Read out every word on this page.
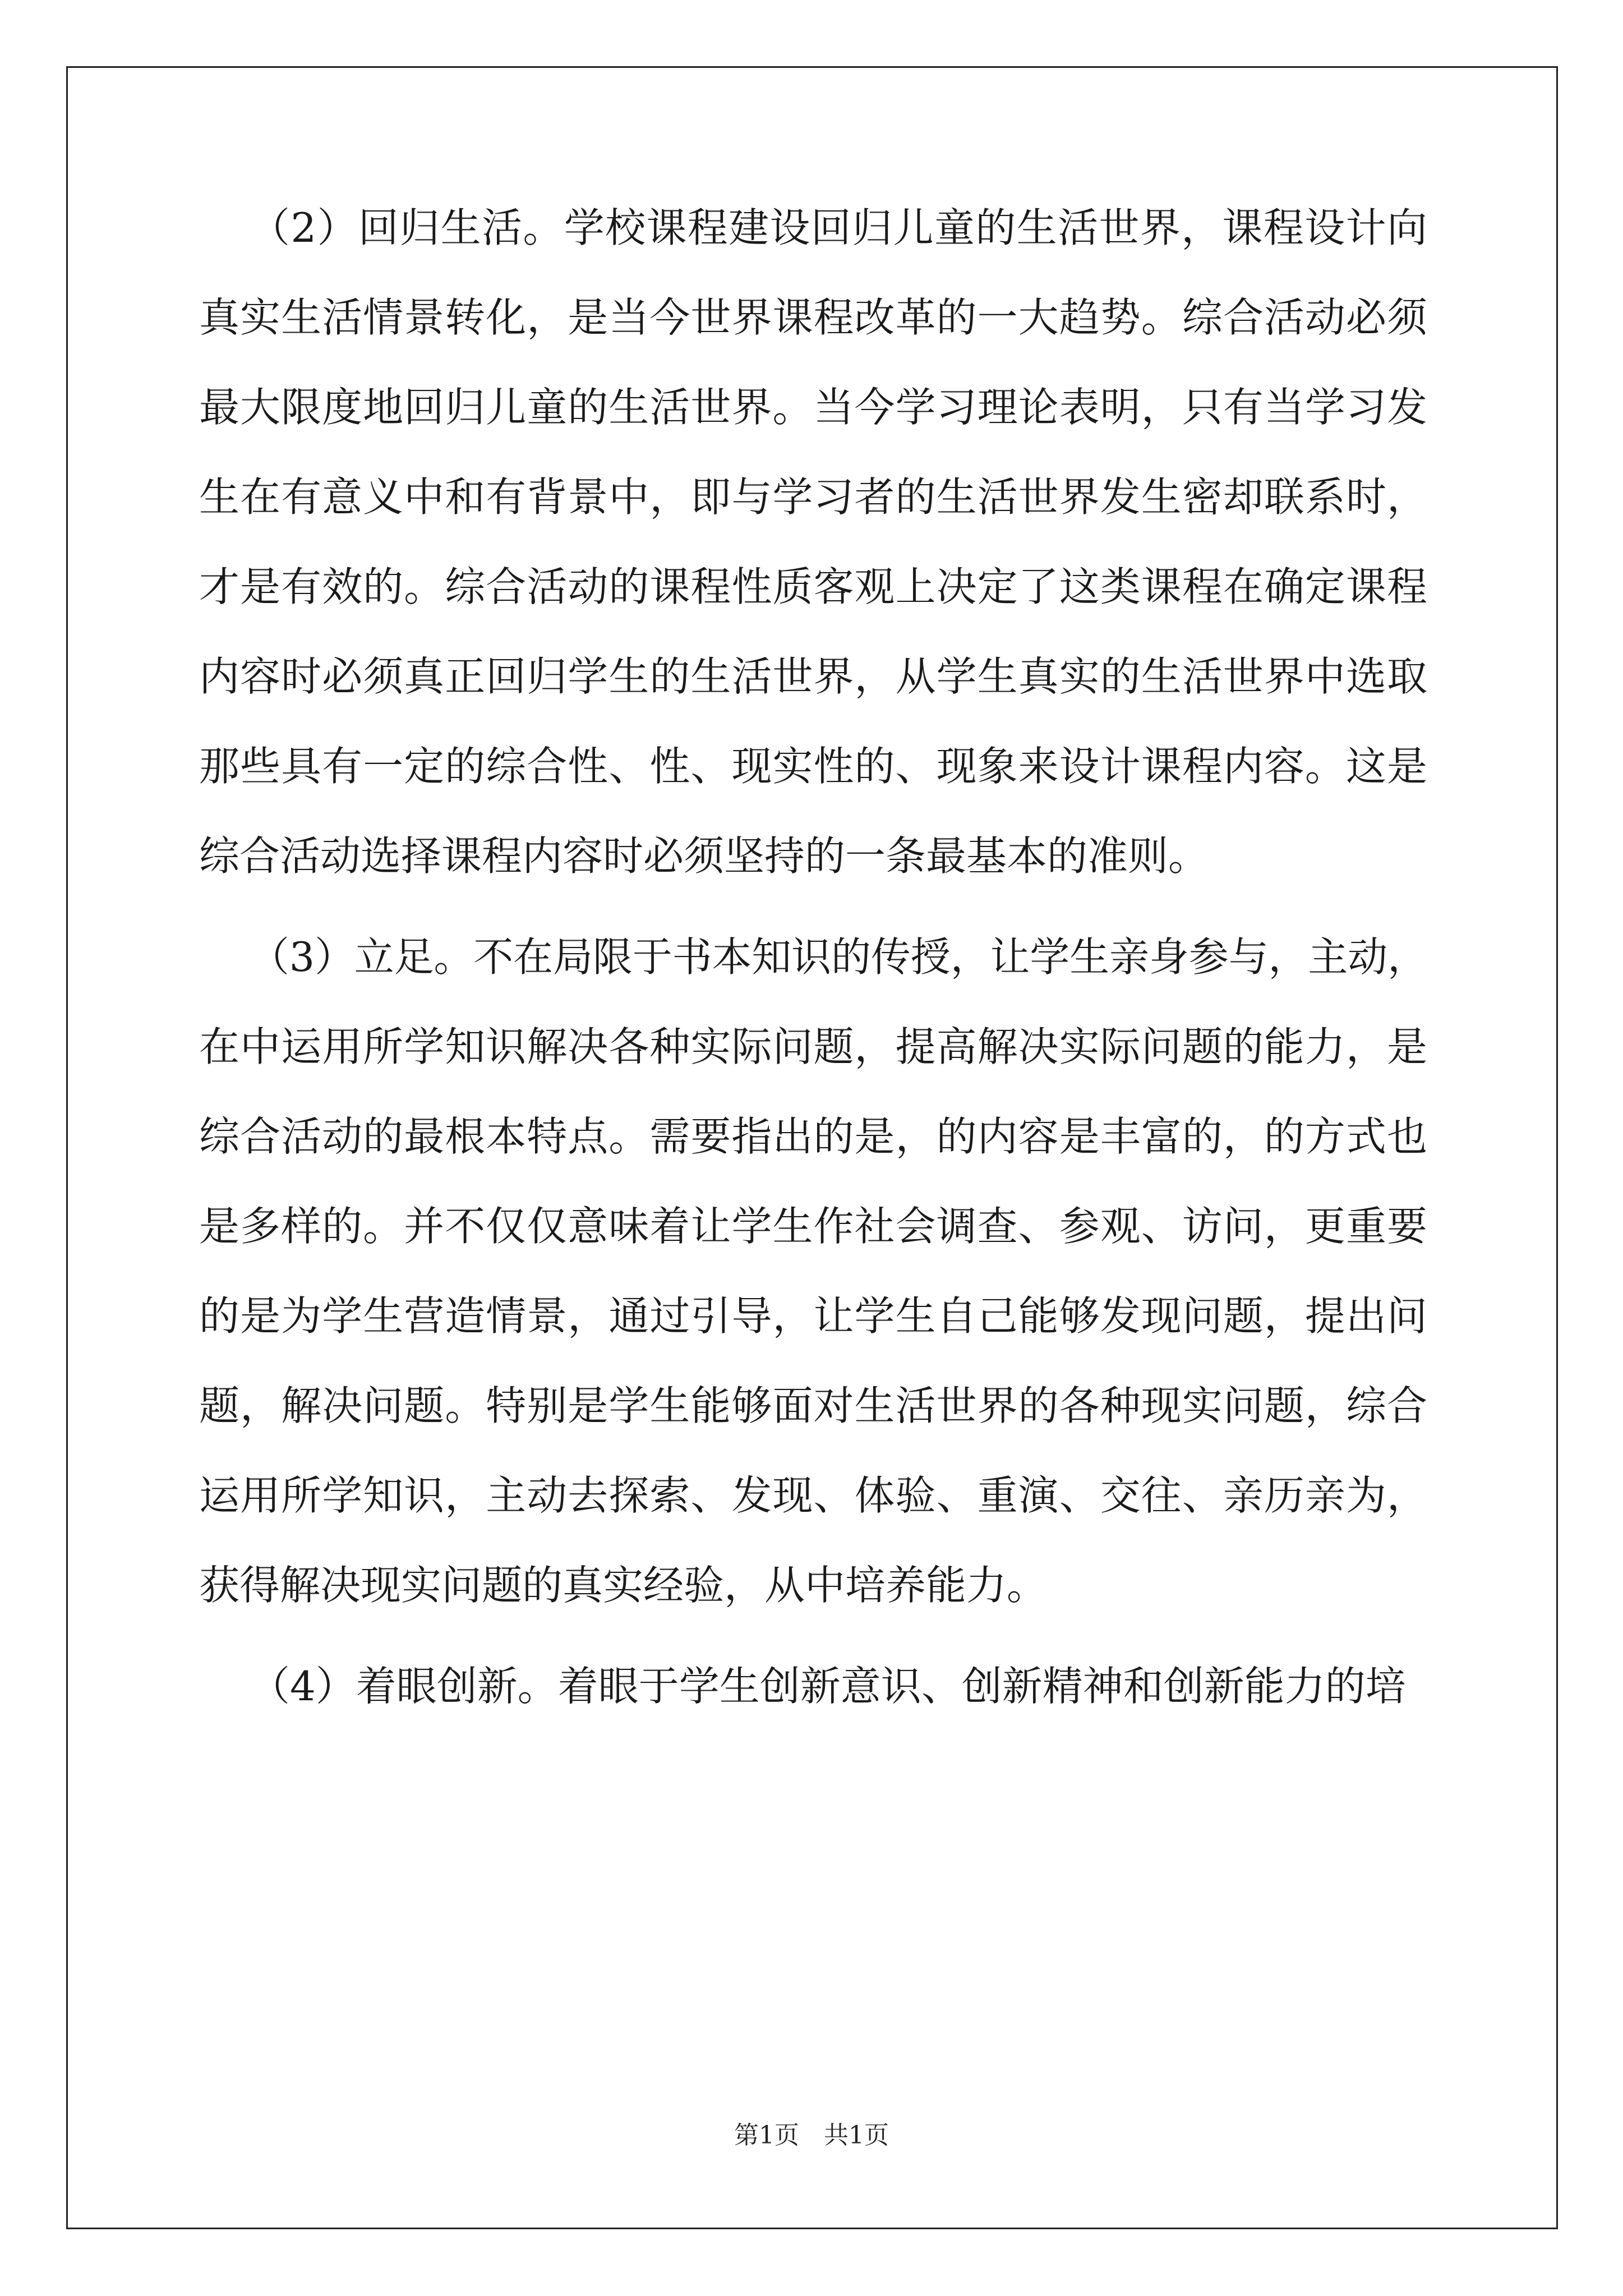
（2）回归生活。学校课程建设回归儿童的生活世界，课程设计向
真实生活情景转化，是当今世界课程改革的一大趋势。综合活动必须
最大限度地回归儿童的生活世界。当今学习理论表明，只有当学习发
生在有意义中和有背景中，即与学习者的生活世界发生密却联系时，
才是有效的。综合活动的课程性质客观上决定了这类课程在确定课程
内容时必须真正回归学生的生活世界，从学生真实的生活世界中选取
那些具有一定的综合性、性、现实性的、现象来设计课程内容。这是
综合活动选择课程内容时必须坚持的一条最基本的准则。
（3）立足。不在局限于书本知识的传授，让学生亲身参与，主动，
在中运用所学知识解决各种实际问题，提高解决实际问题的能力，是
综合活动的最根本特点。需要指出的是，的内容是丰富的，的方式也
是多样的。并不仅仅意味着让学生作社会调查、参观、访问，更重要
的是为学生营造情景，通过引导，让学生自己能够发现问题，提出问
题，解决问题。特别是学生能够面对生活世界的各种现实问题，综合
运用所学知识，主动去探索、发现、体验、重演、交往、亲历亲为，
获得解决现实问题的真实经验，从中培养能力。
（4）着眼创新。着眼于学生创新意识、创新精神和创新能力的培
第1页　共1页
